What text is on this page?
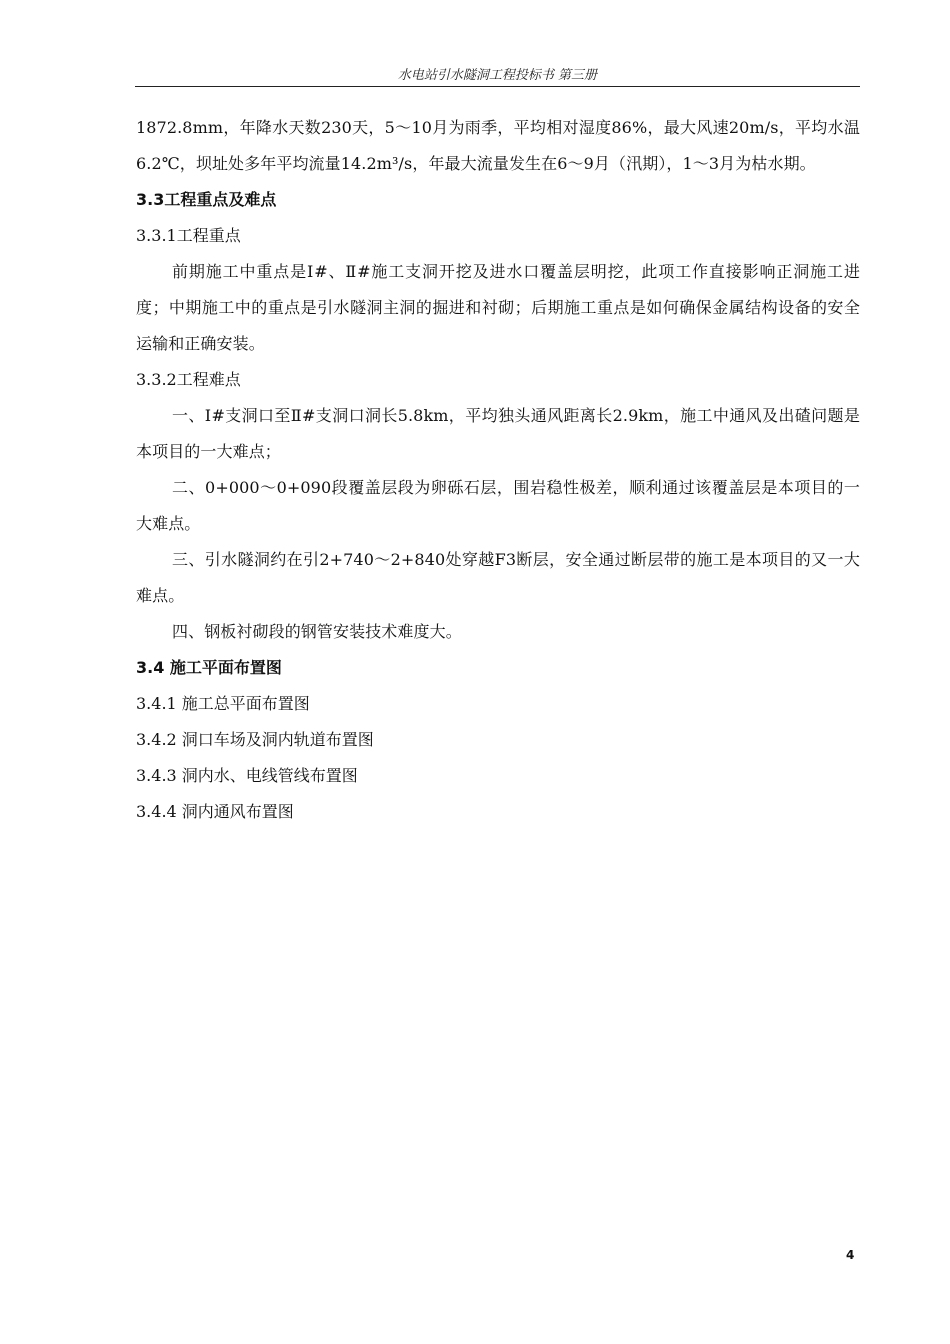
水电站引水隧洞工程投标书 第三册

1872.8mm，年降水天数230天，5～10月为雨季，平均相对湿度86%，最大风速20m/s，平均水温6.2℃，坝址处多年平均流量14.2m³/s，年最大流量发生在6～9月（汛期），1～3月为枯水期。

3.3工程重点及难点

3.3.1工程重点

前期施工中重点是Ⅰ#、Ⅱ#施工支洞开挖及进水口覆盖层明挖，此项工作直接影响正洞施工进度；中期施工中的重点是引水隧洞主洞的掘进和衬砌；后期施工重点是如何确保金属结构设备的安全运输和正确安装。

3.3.2工程难点

一、Ⅰ#支洞口至Ⅱ#支洞口洞长5.8km，平均独头通风距离长2.9km，施工中通风及出碴问题是本项目的一大难点；

二、0+000～0+090段覆盖层段为卵砾石层，围岩稳性极差，顺利通过该覆盖层是本项目的一大难点。

三、引水隧洞约在引2+740～2+840处穿越F3断层，安全通过断层带的施工是本项目的又一大难点。

四、钢板衬砌段的钢管安装技术难度大。

3.4 施工平面布置图

3.4.1 施工总平面布置图

3.4.2 洞口车场及洞内轨道布置图

3.4.3 洞内水、电线管线布置图

3.4.4 洞内通风布置图

4
